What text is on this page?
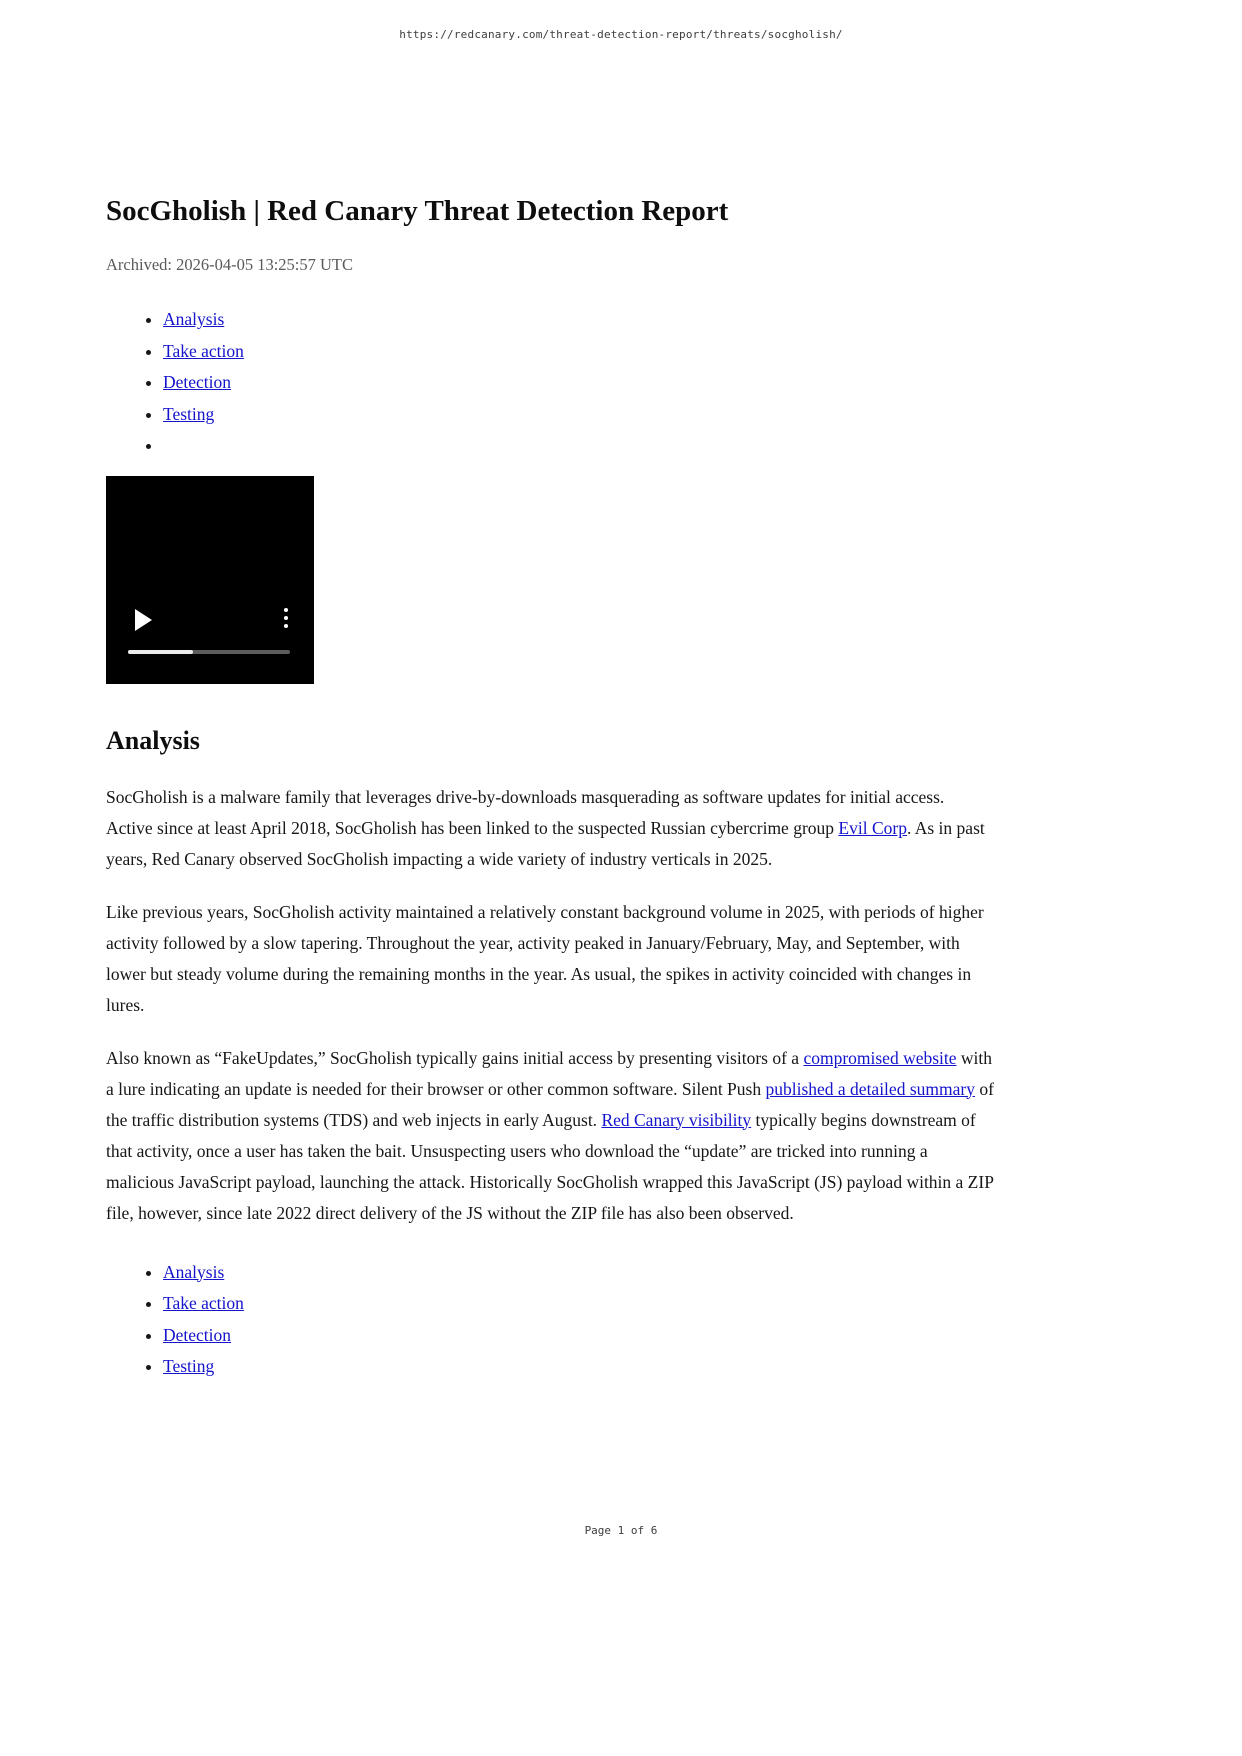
https://redcanary.com/threat-detection-report/threats/socgholish/
SocGholish | Red Canary Threat Detection Report
Archived: 2026-04-05 13:25:57 UTC
• Analysis
• Take action
• Detection
• Testing
•
Analysis

SocGholish is a malware family that leverages drive-by-downloads masquerading as software updates for initial access. Active since at least April 2018, SocGholish has been linked to the suspected Russian cybercrime group Evil Corp. As in past years, Red Canary observed SocGholish impacting a wide variety of industry verticals in 2025.

Like previous years, SocGholish activity maintained a relatively constant background volume in 2025, with periods of higher activity followed by a slow tapering. Throughout the year, activity peaked in January/February, May, and September, with lower but steady volume during the remaining months in the year. As usual, the spikes in activity coincided with changes in lures.

Also known as “FakeUpdates,” SocGholish typically gains initial access by presenting visitors of a compromised website with a lure indicating an update is needed for their browser or other common software. Silent Push published a detailed summary of the traffic distribution systems (TDS) and web injects in early August. Red Canary visibility typically begins downstream of that activity, once a user has taken the bait. Unsuspecting users who download the “update” are tricked into running a malicious JavaScript payload, launching the attack. Historically SocGholish wrapped this JavaScript (JS) payload within a ZIP file, however, since late 2022 direct delivery of the JS without the ZIP file has also been observed.

• Analysis
• Take action
• Detection
• Testing
Page 1 of 6
